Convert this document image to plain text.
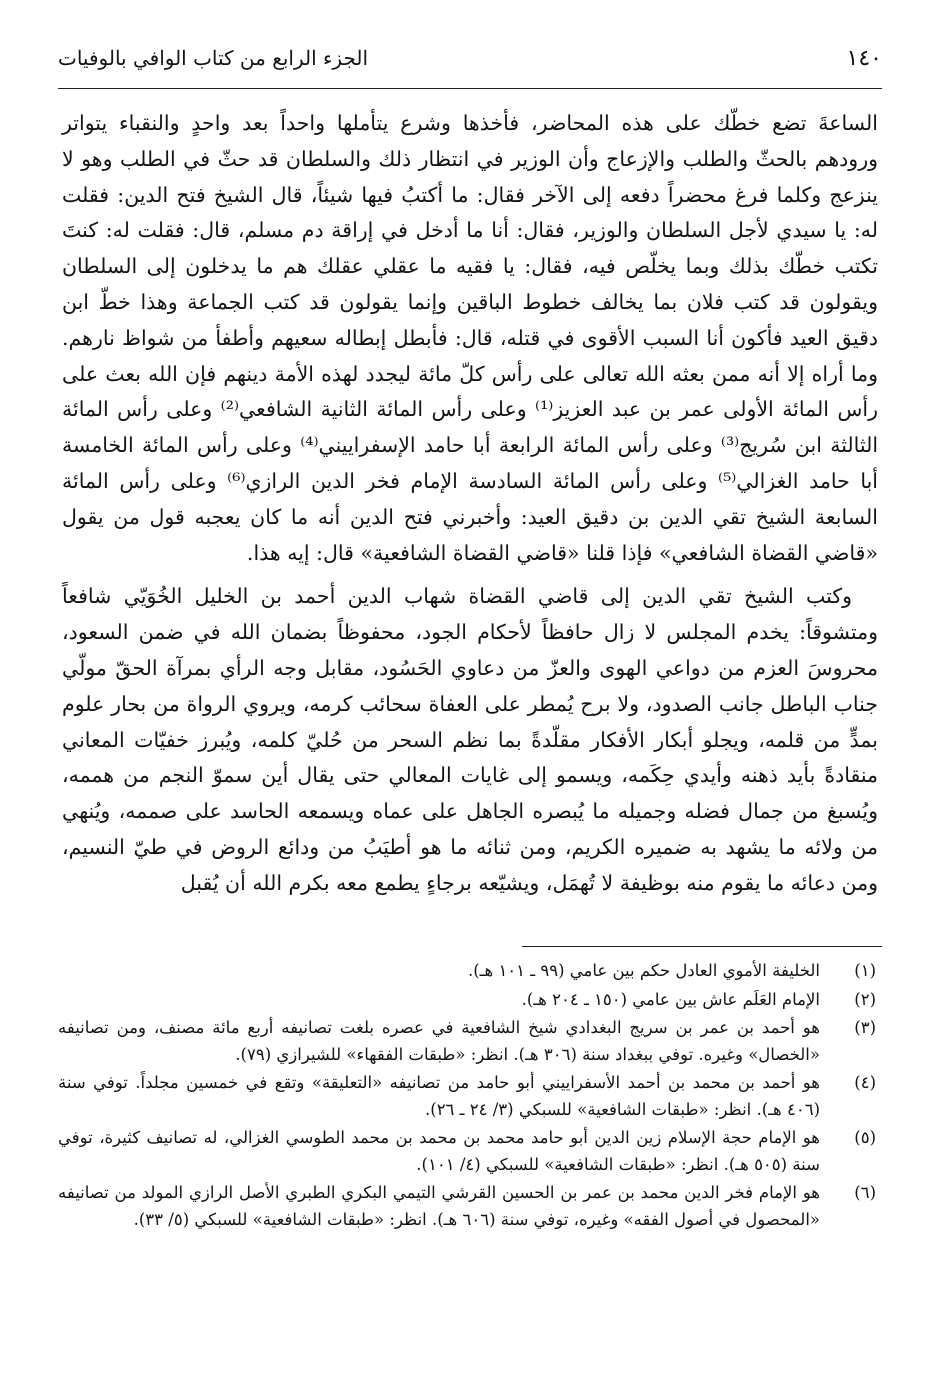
١٤٠
الجزء الرابع من كتاب الوافي بالوفيات

الساعةَ تضع خطّك على هذه المحاضر، فأخذها وشرع يتأملها واحداً بعد واحدٍ والنقباء يتواتر ورودهم بالحثّ والطلب والإزعاج وأن الوزير في انتظار ذلك والسلطان قد حثّ في الطلب وهو لا ينزعج وكلما فرغ محضراً دفعه إلى الآخر فقال: ما أكتبُ فيها شيئاً، قال الشيخ فتح الدين: فقلت له: يا سيدي لأجل السلطان والوزير، فقال: أنا ما أدخل في إراقة دم مسلم، قال: فقلت له: كنتَ تكتب خطّك بذلك وبما يخلّص فيه، فقال: يا فقيه ما عقلي عقلك هم ما يدخلون إلى السلطان ويقولون قد كتب فلان بما يخالف خطوط الباقين وإنما يقولون قد كتب الجماعة وهذا خطّ ابن دقيق العيد فأكون أنا السبب الأقوى في قتله، قال: فأبطل إبطاله سعيهم وأطفأ من شواظ نارهم. وما أراه إلا أنه ممن بعثه الله تعالى على رأس كلّ مائة ليجدد لهذه الأمة دينهم فإن الله بعث على رأس المائة الأولى عمر بن عبد العزيز⁽¹⁾ وعلى رأس المائة الثانية الشافعي⁽²⁾ وعلى رأس المائة الثالثة ابن سُريج⁽³⁾ وعلى رأس المائة الرابعة أبا حامد الإسفراييني⁽⁴⁾ وعلى رأس المائة الخامسة أبا حامد الغزالي⁽⁵⁾ وعلى رأس المائة السادسة الإمام فخر الدين الرازي⁽⁶⁾ وعلى رأس المائة السابعة الشيخ تقي الدين بن دقيق العيد: وأخبرني فتح الدين أنه ما كان يعجبه قول من يقول «قاضي القضاة الشافعي» فإذا قلنا «قاضي القضاة الشافعية» قال: إيه هذا.

وكتب الشيخ تقي الدين إلى قاضي القضاة شهاب الدين أحمد بن الخليل الخُوَيّي شافعاً ومتشوقاً: يخدم المجلس لا زال حافظاً لأحكام الجود، محفوظاً بضمان الله في ضمن السعود، محروسَ العزم من دواعي الهوى والعزّ من دعاوي الحَسُود، مقابل وجه الرأي بمرآة الحقّ مولّي جناب الباطل جانب الصدود، ولا برح يُمطر على العفاة سحائب كرمه، ويروي الرواة من بحار علوم بمدٍّ من قلمه، ويجلو أبكار الأفكار مقلّدةً بما نظم السحر من حُليّ كلمه، ويُبرز خفيّات المعاني منقادةً بأيد ذهنه وأيدي حِكَمه، ويسمو إلى غايات المعالي حتى يقال أين سموّ النجم من هممه، ويُسبغ من جمال فضله وجميله ما يُبصره الجاهل على عماه ويسمعه الحاسد على صممه، ويُنهي من ولائه ما يشهد به ضميره الكريم، ومن ثنائه ما هو أطيَبُ من ودائع الروض في طيّ النسيم، ومن دعائه ما يقوم منه بوظيفة لا تُهمَل، ويشيّعه برجاءٍ يطمع معه بكرم الله أن يُقبل

(١)
الخليفة الأموي العادل حكم بين عامي (٩٩ ـ ١٠١ هـ).
(٢)
الإمام العَلَم عاش بين عامي (١٥٠ ـ ٢٠٤ هـ).
(٣)
هو أحمد بن عمر بن سريج البغدادي شيخ الشافعية في عصره بلغت تصانيفه أربع مائة مصنف، ومن تصانيفه «الخصال» وغيره. توفي ببغداد سنة (٣٠٦ هـ). انظر: «طبقات الفقهاء» للشيرازي (٧٩).
(٤)
هو أحمد بن محمد بن أحمد الأسفراييني أبو حامد من تصانيفه «التعليقة» وتقع في خمسين مجلداً. توفي سنة (٤٠٦ هـ). انظر: «طبقات الشافعية» للسبكي (٣/ ٢٤ ـ ٢٦).
(٥)
هو الإمام حجة الإسلام زين الدين أبو حامد محمد بن محمد بن محمد الطوسي الغزالي، له تصانيف كثيرة، توفي سنة (٥٠٥ هـ). انظر: «طبقات الشافعية» للسبكي (٤/ ١٠١).
(٦)
هو الإمام فخر الدين محمد بن عمر بن الحسين القرشي التيمي البكري الطبري الأصل الرازي المولد من تصانيفه «المحصول في أصول الفقه» وغيره، توفي سنة (٦٠٦ هـ). انظر: «طبقات الشافعية» للسبكي (٥/ ٣٣).
